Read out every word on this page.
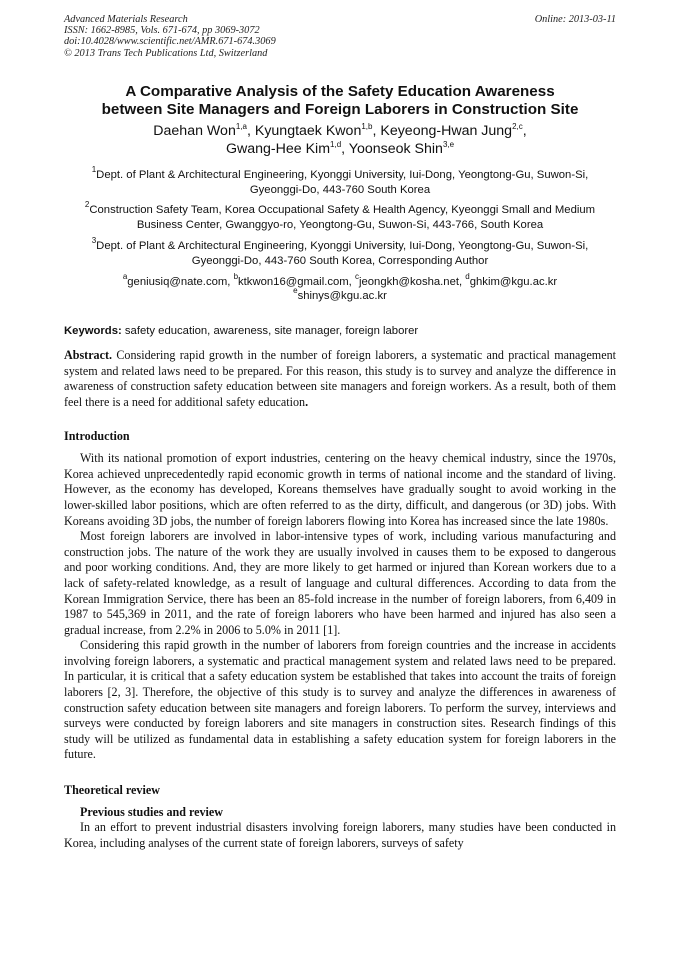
Advanced Materials Research
ISSN: 1662-8985, Vols. 671-674, pp 3069-3072
doi:10.4028/www.scientific.net/AMR.671-674.3069
© 2013 Trans Tech Publications Ltd, Switzerland
Online: 2013-03-11
A Comparative Analysis of the Safety Education Awareness
between Site Managers and Foreign Laborers in Construction Site
Daehan Won$^{1,a}$, Kyungtaek Kwon$^{1,b}$, Keyeong-Hwan Jung$^{2,c}$,
Gwang-Hee Kim$^{1,d}$, Yoonseok Shin$^{3,e}$
$^1$Dept. of Plant & Architectural Engineering, Kyonggi University, Iui-Dong, Yeongtong-Gu, Suwon-Si, Gyeonggi-Do, 443-760 South Korea
$^2$Construction Safety Team, Korea Occupational Safety & Health Agency, Kyeonggi Small and Medium Business Center, Gwanggyo-ro, Yeongtong-Gu, Suwon-Si, 443-766, South Korea
$^3$Dept. of Plant & Architectural Engineering, Kyonggi University, Iui-Dong, Yeongtong-Gu, Suwon-Si, Gyeonggi-Do, 443-760 South Korea, Corresponding Author
$^a$geniusiq@nate.com, $^b$ktkwon16@gmail.com, $^c$jeongkh@kosha.net, $^d$ghkim@kgu.ac.kr
$^e$shinys@kgu.ac.kr
Keywords: safety education, awareness, site manager, foreign laborer
Abstract. Considering rapid growth in the number of foreign laborers, a systematic and practical management system and related laws need to be prepared. For this reason, this study is to survey and analyze the difference in awareness of construction safety education between site managers and foreign workers. As a result, both of them feel there is a need for additional safety education.
Introduction

With its national promotion of export industries, centering on the heavy chemical industry, since the 1970s, Korea achieved unprecedentedly rapid economic growth in terms of national income and the standard of living. However, as the economy has developed, Koreans themselves have gradually sought to avoid working in the lower-skilled labor positions, which are often referred to as the dirty, difficult, and dangerous (or 3D) jobs. With Koreans avoiding 3D jobs, the number of foreign laborers flowing into Korea has increased since the late 1980s.

Most foreign laborers are involved in labor-intensive types of work, including various manufacturing and construction jobs. The nature of the work they are usually involved in causes them to be exposed to dangerous and poor working conditions. And, they are more likely to get harmed or injured than Korean workers due to a lack of safety-related knowledge, as a result of language and cultural differences. According to data from the Korean Immigration Service, there has been an 85-fold increase in the number of foreign laborers, from 6,409 in 1987 to 545,369 in 2011, and the rate of foreign laborers who have been harmed and injured has also seen a gradual increase, from 2.2% in 2006 to 5.0% in 2011 [1].

Considering this rapid growth in the number of laborers from foreign countries and the increase in accidents involving foreign laborers, a systematic and practical management system and related laws need to be prepared. In particular, it is critical that a safety education system be established that takes into account the traits of foreign laborers [2, 3]. Therefore, the objective of this study is to survey and analyze the differences in awareness of construction safety education between site managers and foreign laborers. To perform the survey, interviews and surveys were conducted by foreign laborers and site managers in construction sites. Research findings of this study will be utilized as fundamental data in establishing a safety education system for foreign laborers in the future.

Theoretical review
Previous studies and review

In an effort to prevent industrial disasters involving foreign laborers, many studies have been conducted in Korea, including analyses of the current state of foreign laborers, surveys of safety
